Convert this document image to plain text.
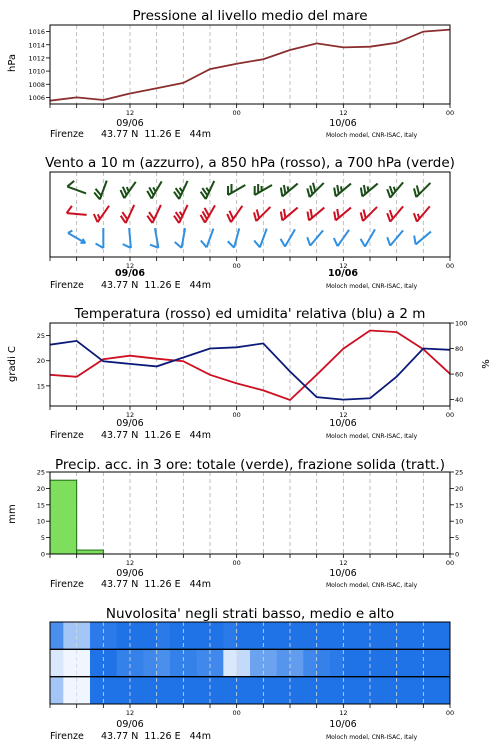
Pressione al livello medio del mare
hPa
12	00	12	00
1006
1008
1010
1012
1014
1016
09/06	10/06
Firenze 43.77 N  11.26 E   44m	Moloch model, CNR-ISAC, Italy
Vento a 10 m (azzurro), a 850 hPa (rosso), a 700 hPa (verde)
12	00	12	00
09/06	10/06
Firenze 43.77 N  11.26 E   44m	Moloch model, CNR-ISAC, Italy
Temperatura (rosso) ed umidita' relativa (blu) a 2 m
gradi C	%
12	00	12	00
15
20
25
40
60
80
100
09/06	10/06
Firenze 43.77 N  11.26 E   44m	Moloch model, CNR-ISAC, Italy
Precip. acc. in 3 ore: totale (verde), frazione solida (tratt.)
mm
12	00	12	00
0
5
10
15
20
25
0
5
10
15
20
25
09/06	10/06
Firenze 43.77 N  11.26 E   44m	Moloch model, CNR-ISAC, Italy
Nuvolosita' negli strati basso, medio e alto
12	00	12	00
09/06	10/06
Firenze 43.77 N  11.26 E   44m	Moloch model, CNR-ISAC, Italy
